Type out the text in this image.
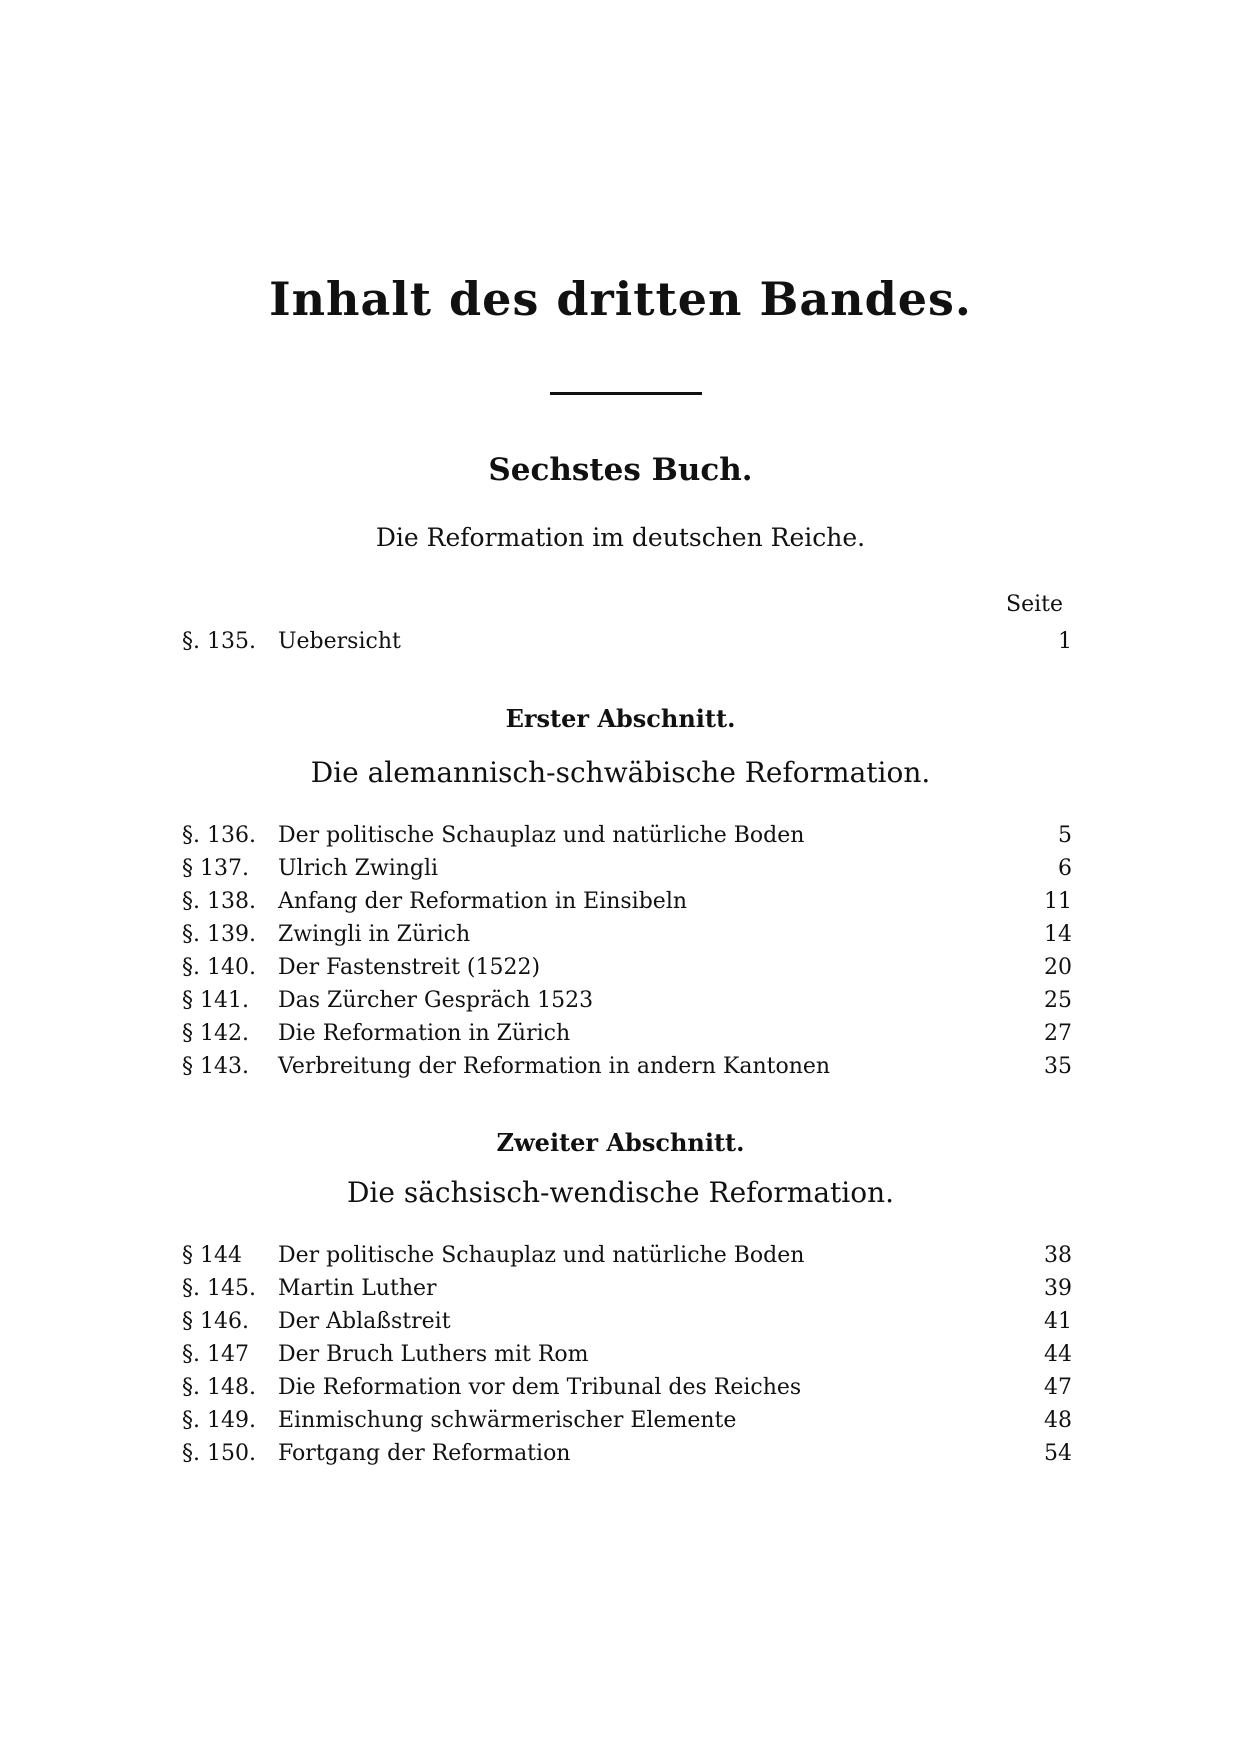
Inhalt des dritten Bandes.
Sechstes Buch.
Die Reformation im deutschen Reiche.
Seite
§. 135.	Uebersicht	1
Erster Abschnitt.
Die alemannisch-schwäbische Reformation.
§. 136.	Der politische Schauplaz und natürliche Boden	5
§ 137.	Ulrich Zwingli	6
§. 138.	Anfang der Reformation in Einsibeln	11
§. 139.	Zwingli in Zürich	14
§. 140.	Der Fastenstreit (1522)	20
§ 141.	Das Zürcher Gespräch 1523	25
§ 142.	Die Reformation in Zürich	27
§ 143.	Verbreitung der Reformation in andern Kantonen	35
Zweiter Abschnitt.
Die sächsisch-wendische Reformation.
§ 144	Der politische Schauplaz und natürliche Boden	38
§. 145.	Martin Luther	39
§ 146.	Der Ablaßstreit	41
§. 147	Der Bruch Luthers mit Rom	44
§. 148.	Die Reformation vor dem Tribunal des Reiches	47
§. 149.	Einmischung schwärmerischer Elemente	48
§. 150.	Fortgang der Reformation	54
